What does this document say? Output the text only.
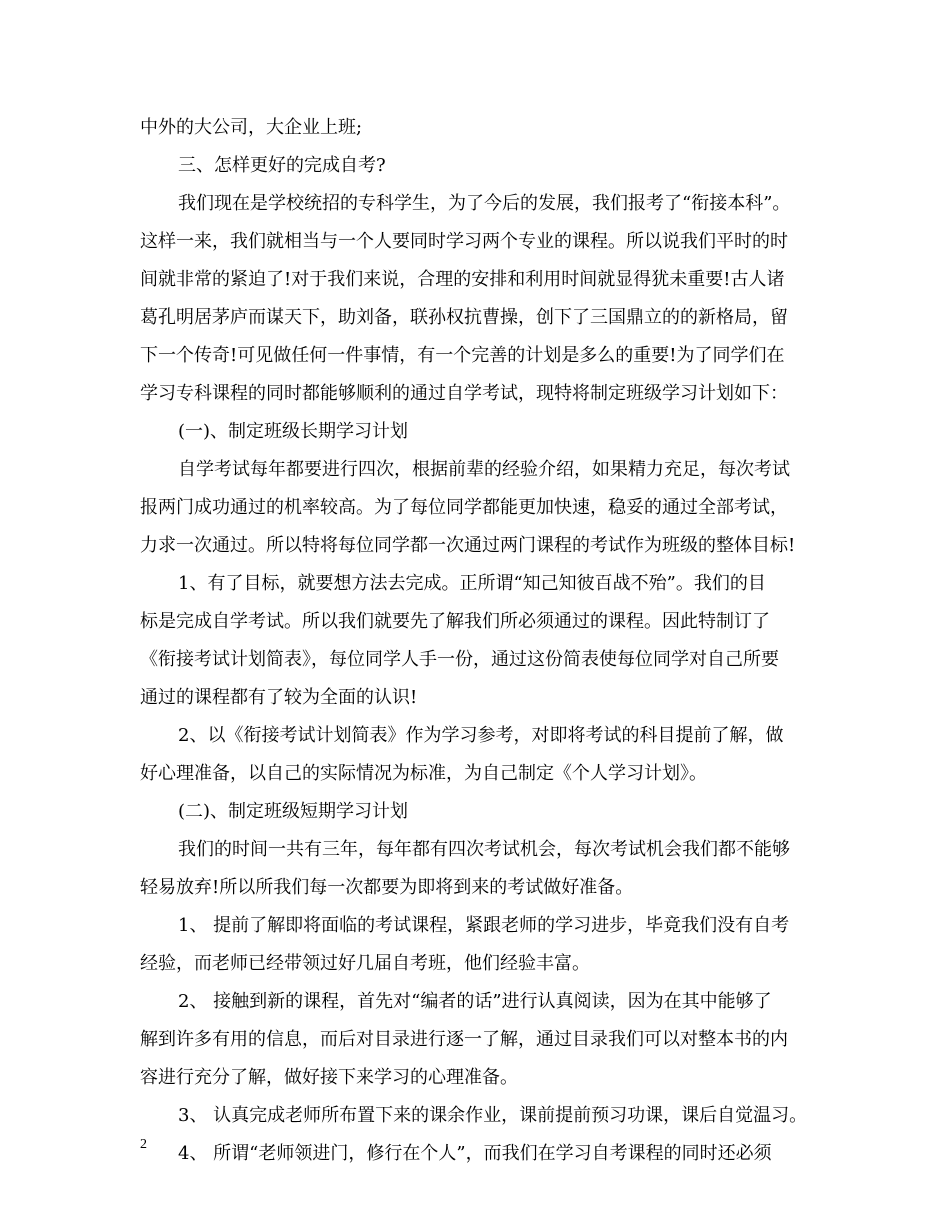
中外的大公司，大企业上班;
三、怎样更好的完成自考?
我们现在是学校统招的专科学生，为了今后的发展，我们报考了“衔接本科”。
这样一来，我们就相当与一个人要同时学习两个专业的课程。所以说我们平时的时
间就非常的紧迫了!对于我们来说，合理的安排和利用时间就显得犹未重要!古人诸
葛孔明居茅庐而谋天下，助刘备，联孙权抗曹操，创下了三国鼎立的的新格局，留
下一个传奇!可见做任何一件事情，有一个完善的计划是多么的重要!为了同学们在
学习专科课程的同时都能够顺利的通过自学考试，现特将制定班级学习计划如下：
(一)、制定班级长期学习计划
自学考试每年都要进行四次，根据前辈的经验介绍，如果精力充足，每次考试
报两门成功通过的机率较高。为了每位同学都能更加快速，稳妥的通过全部考试，
力求一次通过。所以特将每位同学都一次通过两门课程的考试作为班级的整体目标!
1、有了目标，就要想方法去完成。正所谓“知己知彼百战不殆”。我们的目
标是完成自学考试。所以我们就要先了解我们所必须通过的课程。因此特制订了
《衔接考试计划简表》，每位同学人手一份，通过这份简表使每位同学对自己所要
通过的课程都有了较为全面的认识!
2、以《衔接考试计划简表》作为学习参考，对即将考试的科目提前了解，做
好心理准备，以自己的实际情况为标准，为自己制定《个人学习计划》。
(二)、制定班级短期学习计划
我们的时间一共有三年，每年都有四次考试机会，每次考试机会我们都不能够
轻易放弃!所以所我们每一次都要为即将到来的考试做好准备。
1、 提前了解即将面临的考试课程，紧跟老师的学习进步，毕竟我们没有自考
经验，而老师已经带领过好几届自考班，他们经验丰富。
2、 接触到新的课程，首先对“编者的话”进行认真阅读，因为在其中能够了
解到许多有用的信息，而后对目录进行逐一了解，通过目录我们可以对整本书的内
容进行充分了解，做好接下来学习的心理准备。
3、 认真完成老师所布置下来的课余作业，课前提前预习功课，课后自觉温习。
4、 所谓“老师领进门，修行在个人”，而我们在学习自考课程的同时还必须
2
